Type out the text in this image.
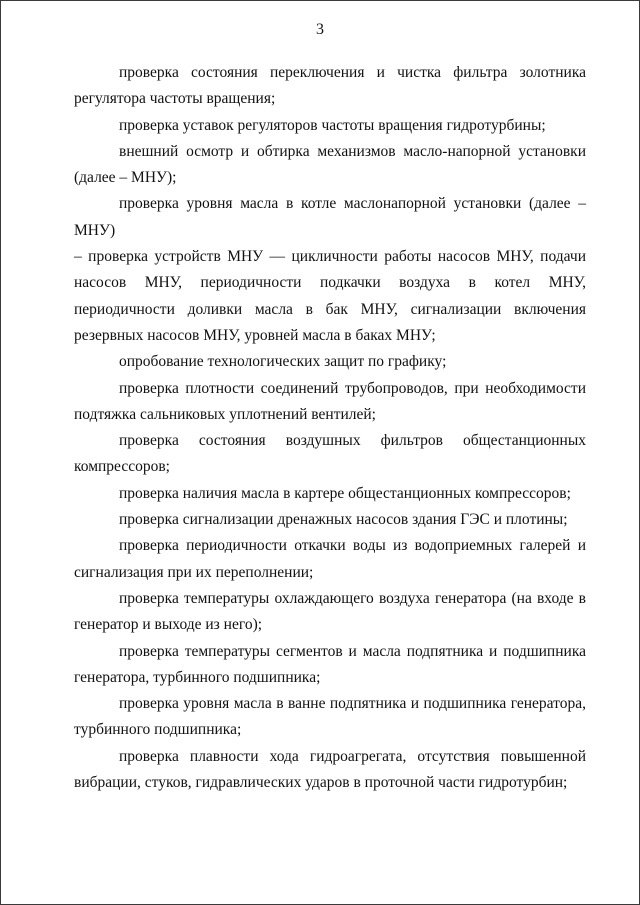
3

проверка состояния переключения и чистка фильтра золотника регулятора частоты вращения;

проверка уставок регуляторов частоты вращения гидротурбины;

внешний осмотр и обтирка механизмов масло-напорной установки (далее – МНУ);

проверка уровня масла в котле маслонапорной установки (далее – МНУ)

– проверка устройств МНУ — цикличности работы насосов МНУ, подачи насосов МНУ, периодичности подкачки воздуха в котел МНУ, периодичности доливки масла в бак МНУ, сигнализации включения резервных насосов МНУ, уровней масла в баках МНУ;

опробование технологических защит по графику;

проверка плотности соединений трубопроводов, при необходимости подтяжка сальниковых уплотнений вентилей;

проверка состояния воздушных фильтров общестанционных компрессоров;

проверка наличия масла в картере общестанционных компрессоров;

проверка сигнализации дренажных насосов здания ГЭС и плотины;

проверка периодичности откачки воды из водоприемных галерей и сигнализация при их переполнении;

проверка температуры охлаждающего воздуха генератора (на входе в генератор и выходе из него);

проверка температуры сегментов и масла подпятника и подшипника генератора, турбинного подшипника;

проверка уровня масла в ванне подпятника и подшипника генератора, турбинного подшипника;

проверка плавности хода гидроагрегата, отсутствия повышенной вибрации, стуков, гидравлических ударов в проточной части гидротурбин;
